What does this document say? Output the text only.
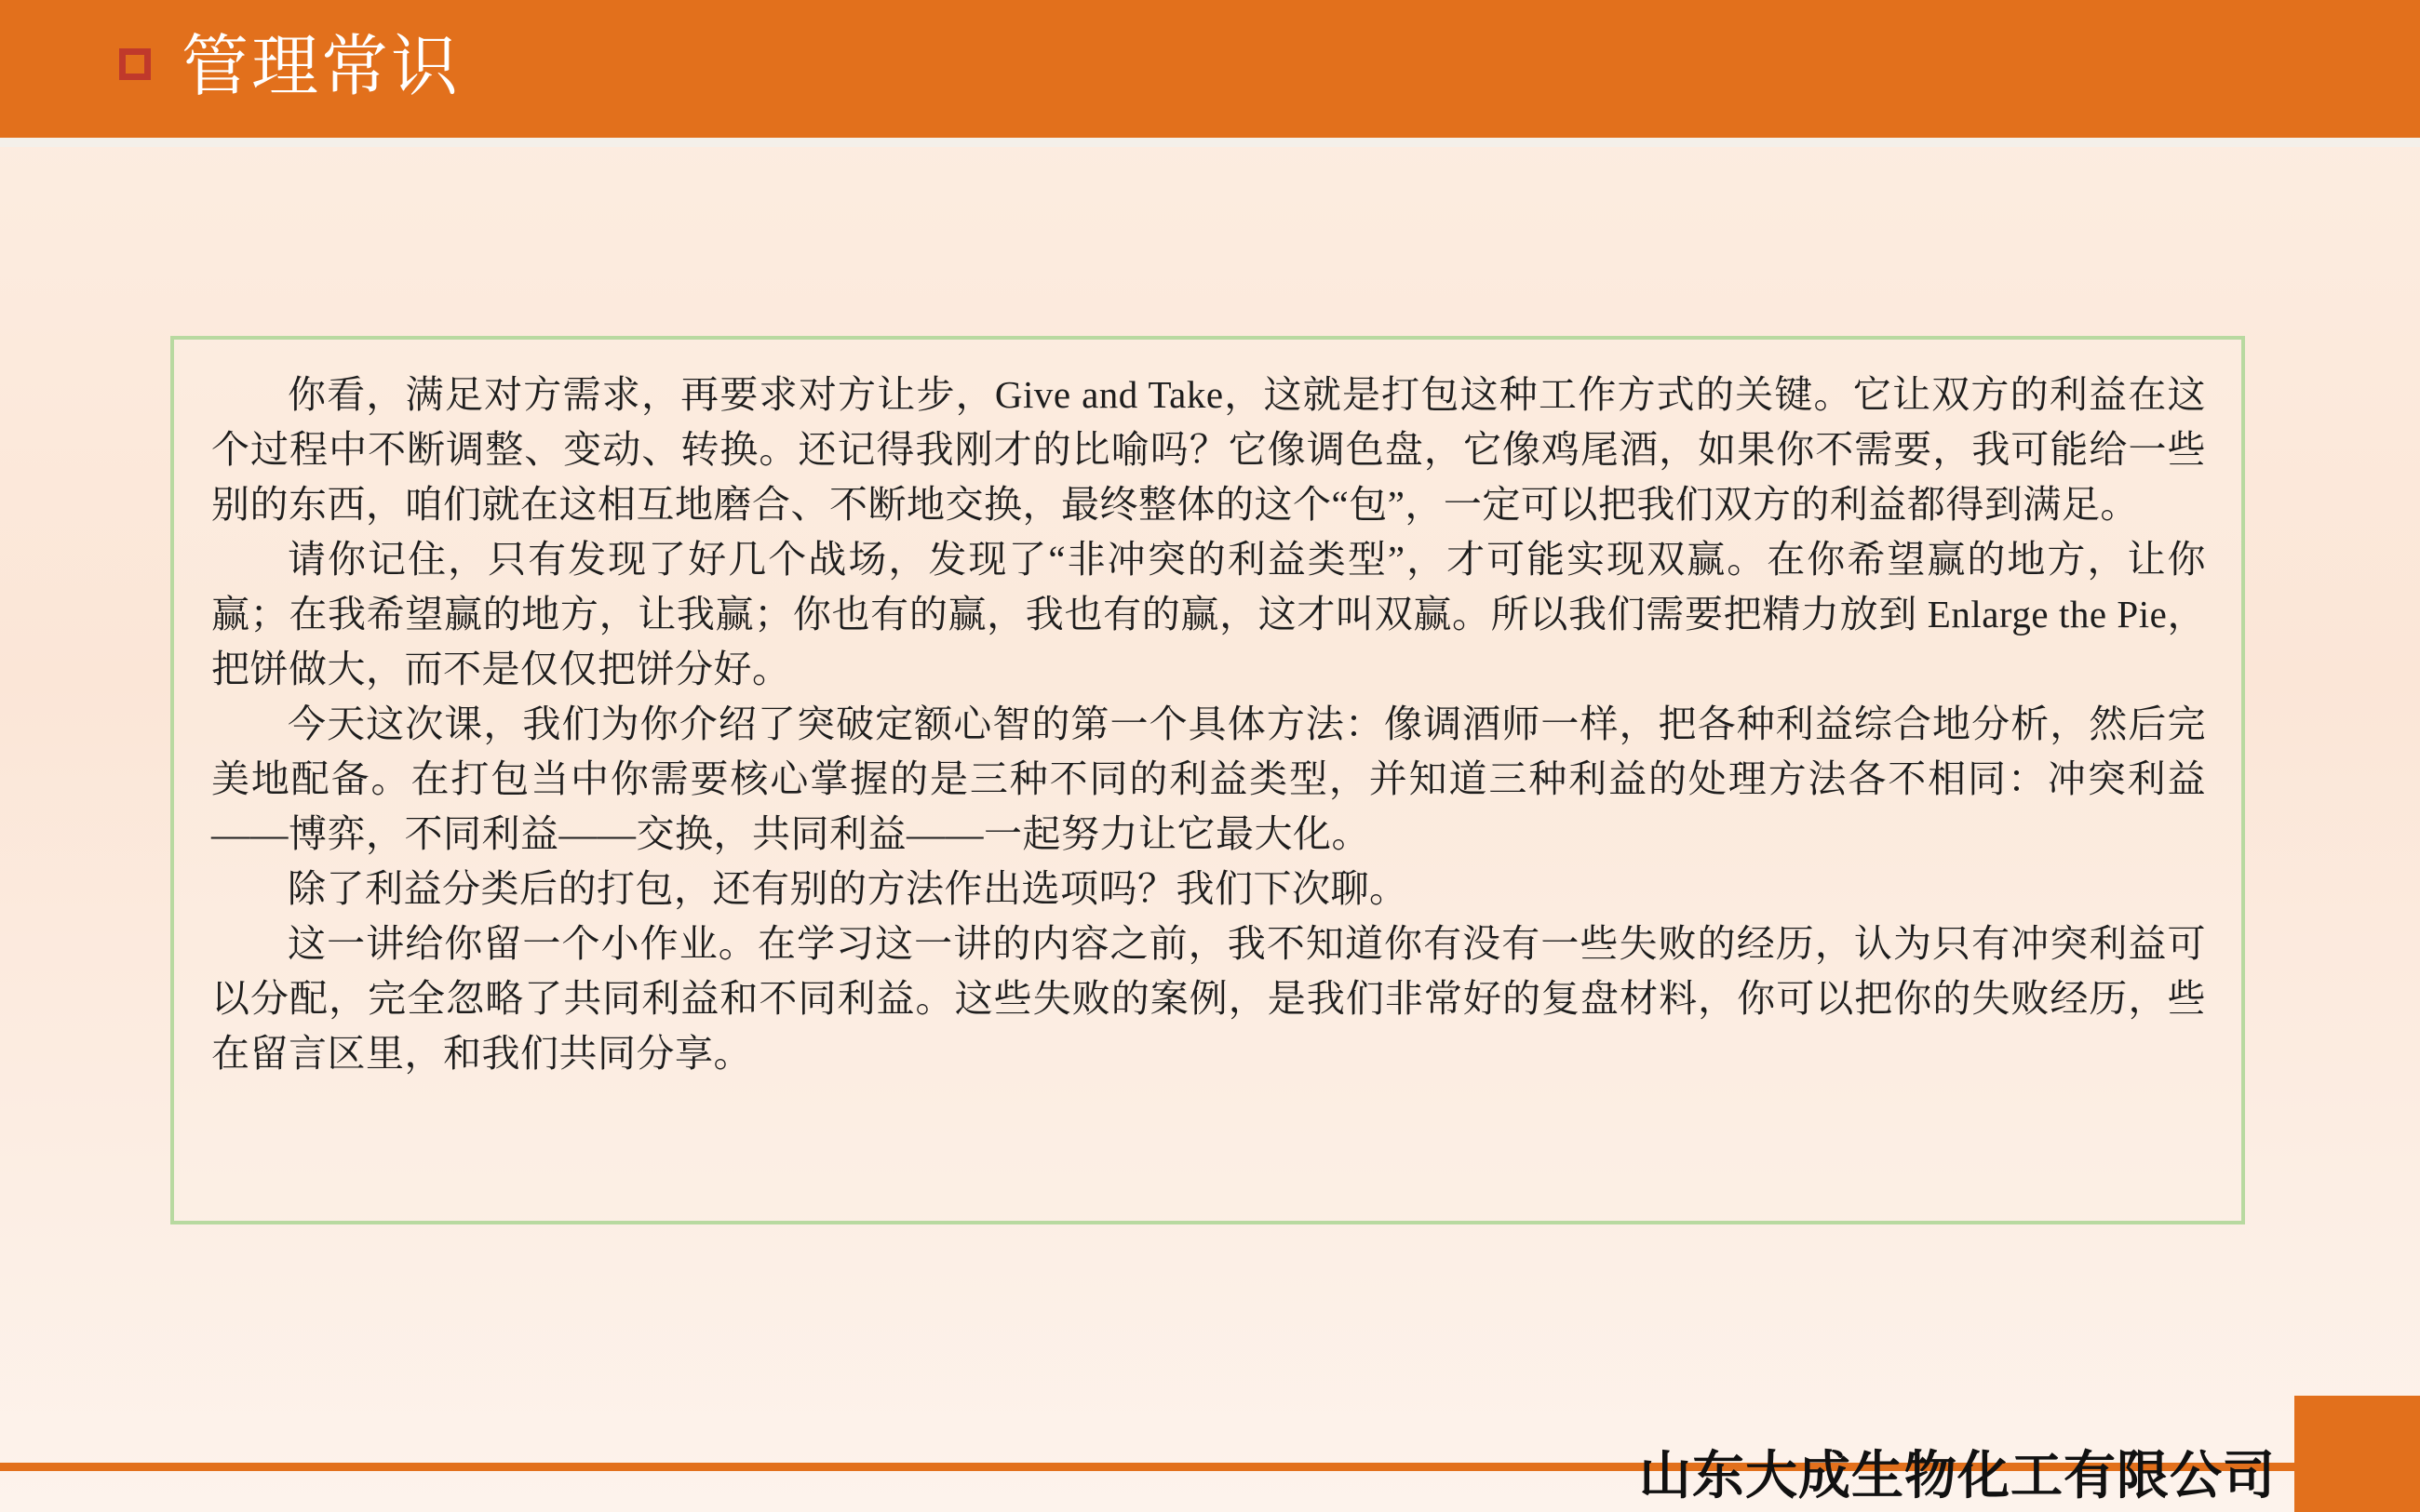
管理常识

你看，满足对方需求，再要求对方让步，Give and Take，这就是打包这种工作方式的关键。它让双方的利益在这个过程中不断调整、变动、转换。还记得我刚才的比喻吗？它像调色盘，它像鸡尾酒，如果你不需要，我可能给一些别的东西，咱们就在这相互地磨合、不断地交换，最终整体的这个“包”，一定可以把我们双方的利益都得到满足。

请你记住，只有发现了好几个战场，发现了“非冲突的利益类型”，才可能实现双赢。在你希望赢的地方，让你赢；在我希望赢的地方，让我赢；你也有的赢，我也有的赢，这才叫双赢。所以我们需要把精力放到 Enlarge the Pie，把饼做大，而不是仅仅把饼分好。

今天这次课，我们为你介绍了突破定额心智的第一个具体方法：像调酒师一样，把各种利益综合地分析，然后完美地配备。在打包当中你需要核心掌握的是三种不同的利益类型，并知道三种利益的处理方法各不相同：冲突利益——博弈，不同利益——交换，共同利益——一起努力让它最大化。

除了利益分类后的打包，还有别的方法作出选项吗？我们下次聊。

这一讲给你留一个小作业。在学习这一讲的内容之前，我不知道你有没有一些失败的经历，认为只有冲突利益可以分配，完全忽略了共同利益和不同利益。这些失败的案例，是我们非常好的复盘材料，你可以把你的失败经历，些在留言区里，和我们共同分享。

山东大成生物化工有限公司
